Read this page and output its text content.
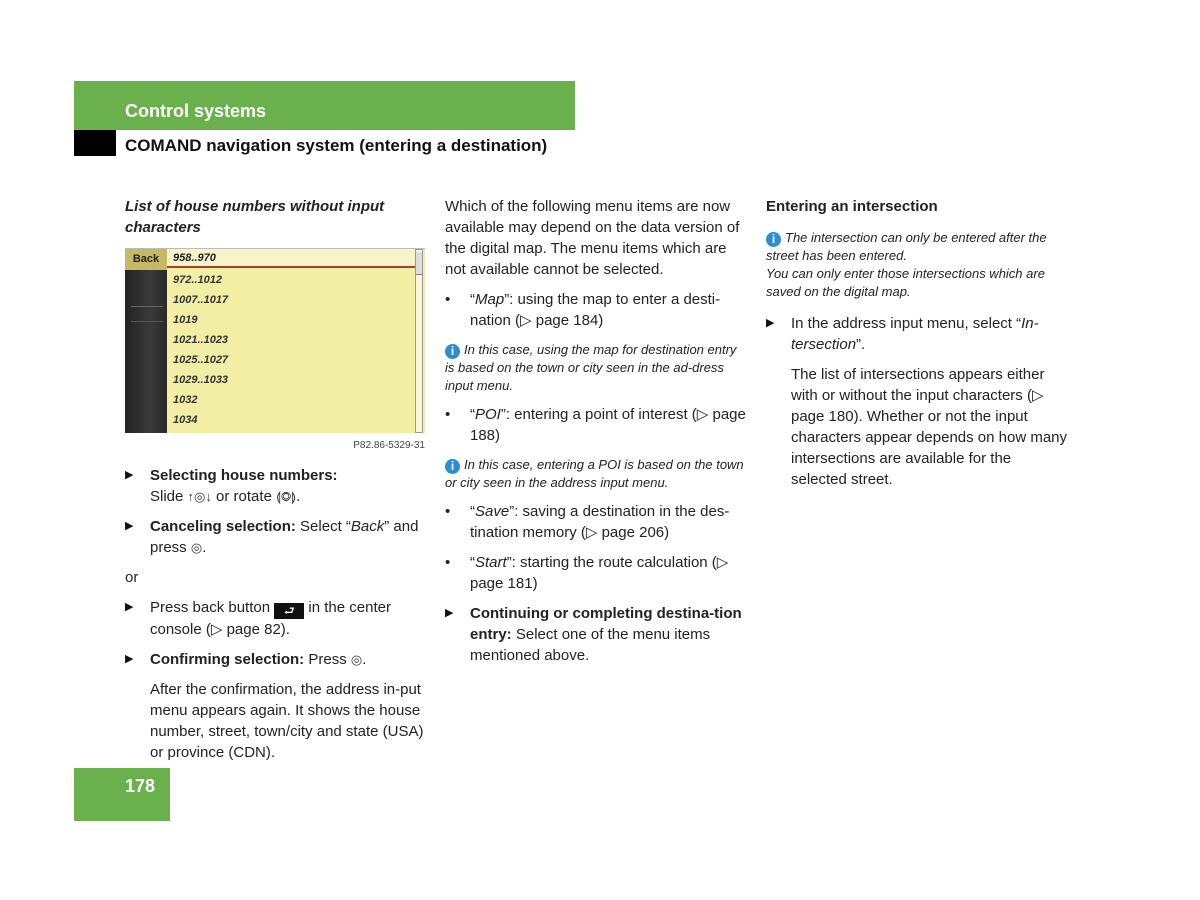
Control systems
COMAND navigation system (entering a destination)

List of house numbers without input characters

Back	958..970
972..1012
1007..1017
1019
1021..1023
1025..1027
1029..1033
1032
1034
P82.86-5329-31
▶ Selecting house numbers:
Slide ↑◎↓ or rotate ⟬◎⟭.
▶ Canceling selection: Select “Back” and press ◎.

or

▶ Press back button ⮐ in the center console (▷ page 82).
▶ Confirming selection: Press ◎.

After the confirmation, the address in-put menu appears again. It shows the house number, street, town/city and state (USA) or province (CDN).

Which of the following menu items are now available may depend on the data version of the digital map. The menu items which are not available cannot be selected.

• “Map”: using the map to enter a desti-nation (▷ page 184)

i In this case, using the map for destination entry is based on the town or city seen in the ad-dress input menu.

• “POI”: entering a point of interest (▷ page 188)

i In this case, entering a POI is based on the town or city seen in the address input menu.

• “Save”: saving a destination in the des-tination memory (▷ page 206)
• “Start”: starting the route calculation (▷ page 181)
▶ Continuing or completing destina-tion entry: Select one of the menu items mentioned above.

Entering an intersection

i The intersection can only be entered after the street has been entered.
You can only enter those intersections which are saved on the digital map.

▶ In the address input menu, select “In-tersection”.

The list of intersections appears either with or without the input characters (▷ page 180). Whether or not the input characters appear depends on how many intersections are available for the selected street.

178
